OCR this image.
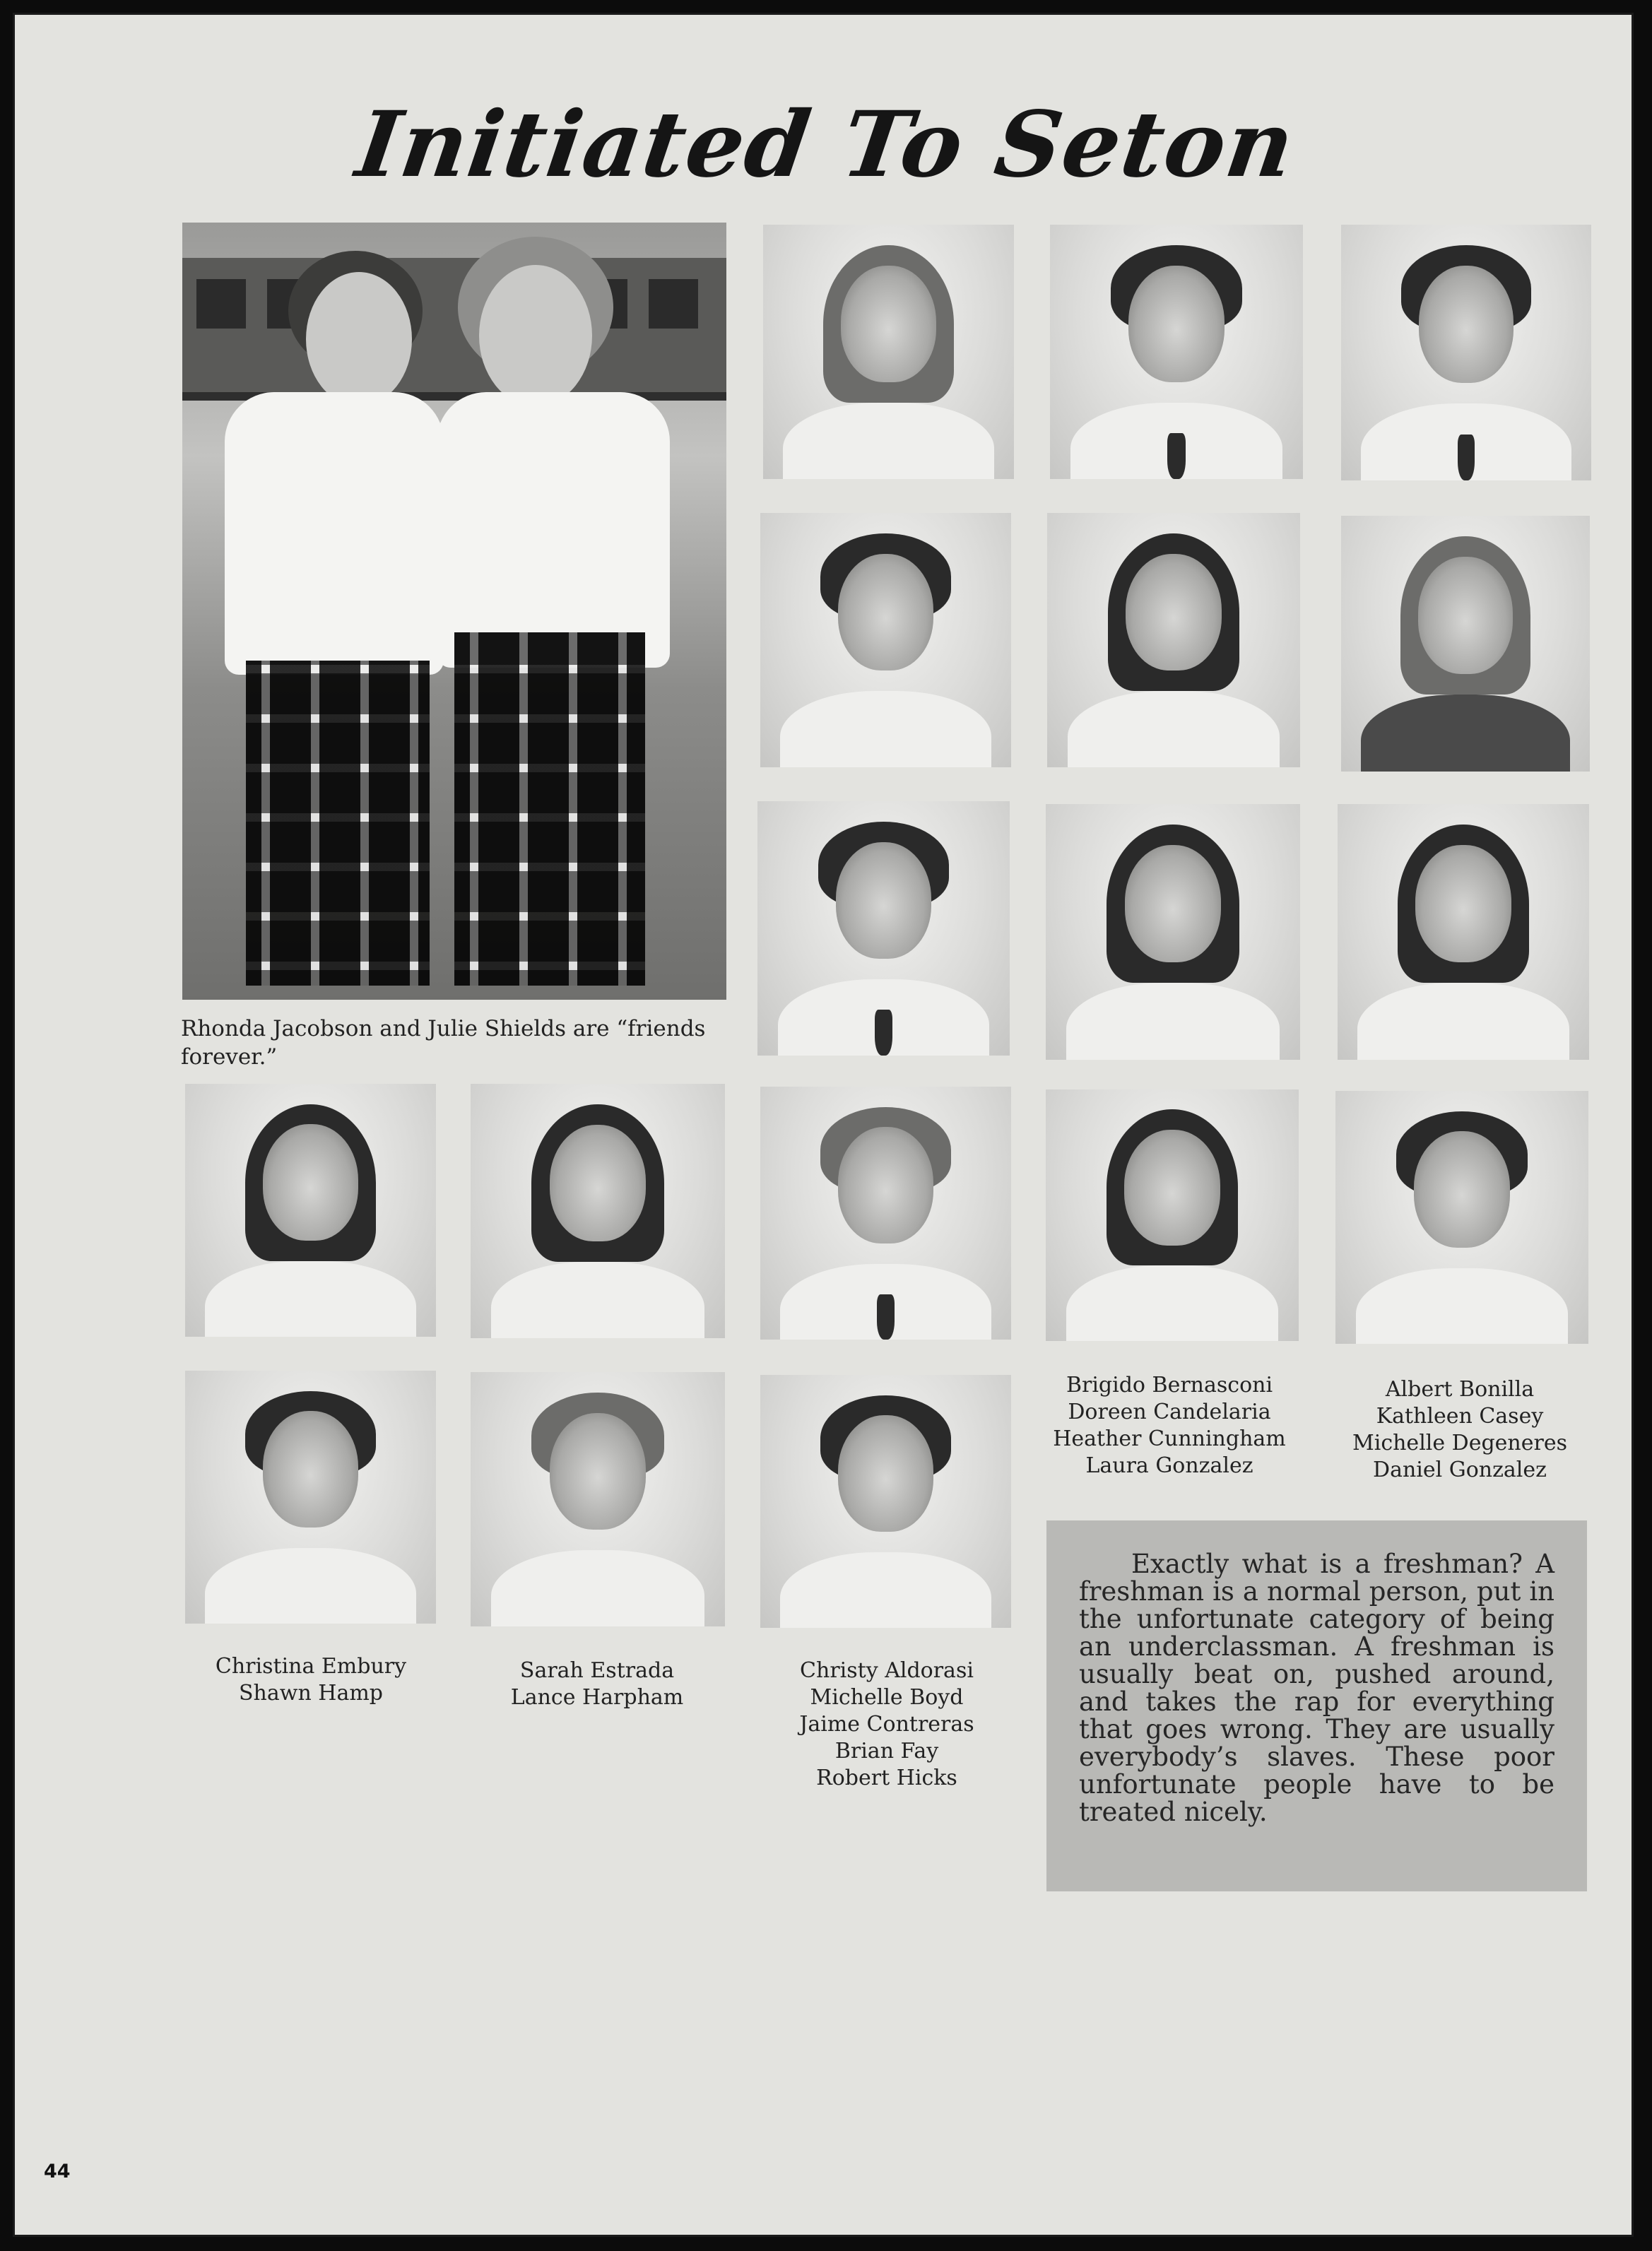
Initiated To Seton
Rhonda Jacobson and Julie Shields are “friends forever.”
Brigido Bernasconi
Doreen Candelaria
Heather Cunningham
Laura Gonzalez
Albert Bonilla
Kathleen Casey
Michelle Degeneres
Daniel Gonzalez
Christina Embury
Shawn Hamp
Sarah Estrada
Lance Harpham
Christy Aldorasi
Michelle Boyd
Jaime Contreras
Brian Fay
Robert Hicks

Exactly what is a freshman? A freshman is a normal person, put in the unfortunate category of being an underclassman. A freshman is usually beat on, pushed around, and takes the rap for everything that goes wrong. They are usually everybody’s slaves. These poor unfortunate people have to be treated nicely.

44
